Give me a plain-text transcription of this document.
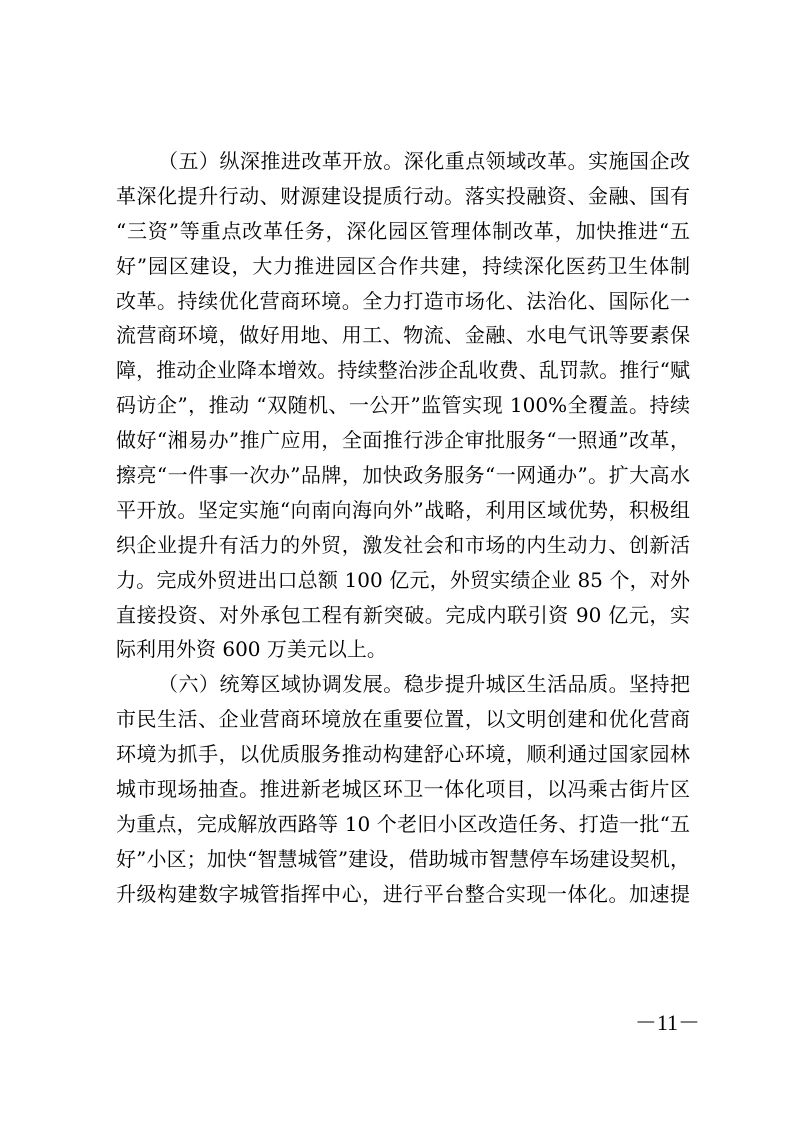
（五）纵深推进改革开放。深化重点领域改革。实施国企改
革深化提升行动、财源建设提质行动。落实投融资、金融、国有
“三资”等重点改革任务，深化园区管理体制改革，加快推进“五
好”园区建设，大力推进园区合作共建，持续深化医药卫生体制
改革。持续优化营商环境。全力打造市场化、法治化、国际化一
流营商环境，做好用地、用工、物流、金融、水电气讯等要素保
障，推动企业降本增效。持续整治涉企乱收费、乱罚款。推行“赋
码访企”，推动 “双随机、一公开”监管实现 100%全覆盖。持续
做好“湘易办”推广应用，全面推行涉企审批服务“一照通”改革，
擦亮“一件事一次办”品牌，加快政务服务“一网通办”。扩大高水
平开放。坚定实施“向南向海向外”战略，利用区域优势，积极组
织企业提升有活力的外贸，激发社会和市场的内生动力、创新活
力。完成外贸进出口总额 100 亿元，外贸实绩企业 85 个，对外
直接投资、对外承包工程有新突破。完成内联引资 90 亿元，实
际利用外资 600 万美元以上。
（六）统筹区域协调发展。稳步提升城区生活品质。坚持把
市民生活、企业营商环境放在重要位置，以文明创建和优化营商
环境为抓手，以优质服务推动构建舒心环境，顺利通过国家园林
城市现场抽查。推进新老城区环卫一体化项目，以冯乘古街片区
为重点，完成解放西路等 10 个老旧小区改造任务、打造一批“五
好”小区；加快“智慧城管”建设，借助城市智慧停车场建设契机，
升级构建数字城管指挥中心，进行平台整合实现一体化。加速提
－11－
